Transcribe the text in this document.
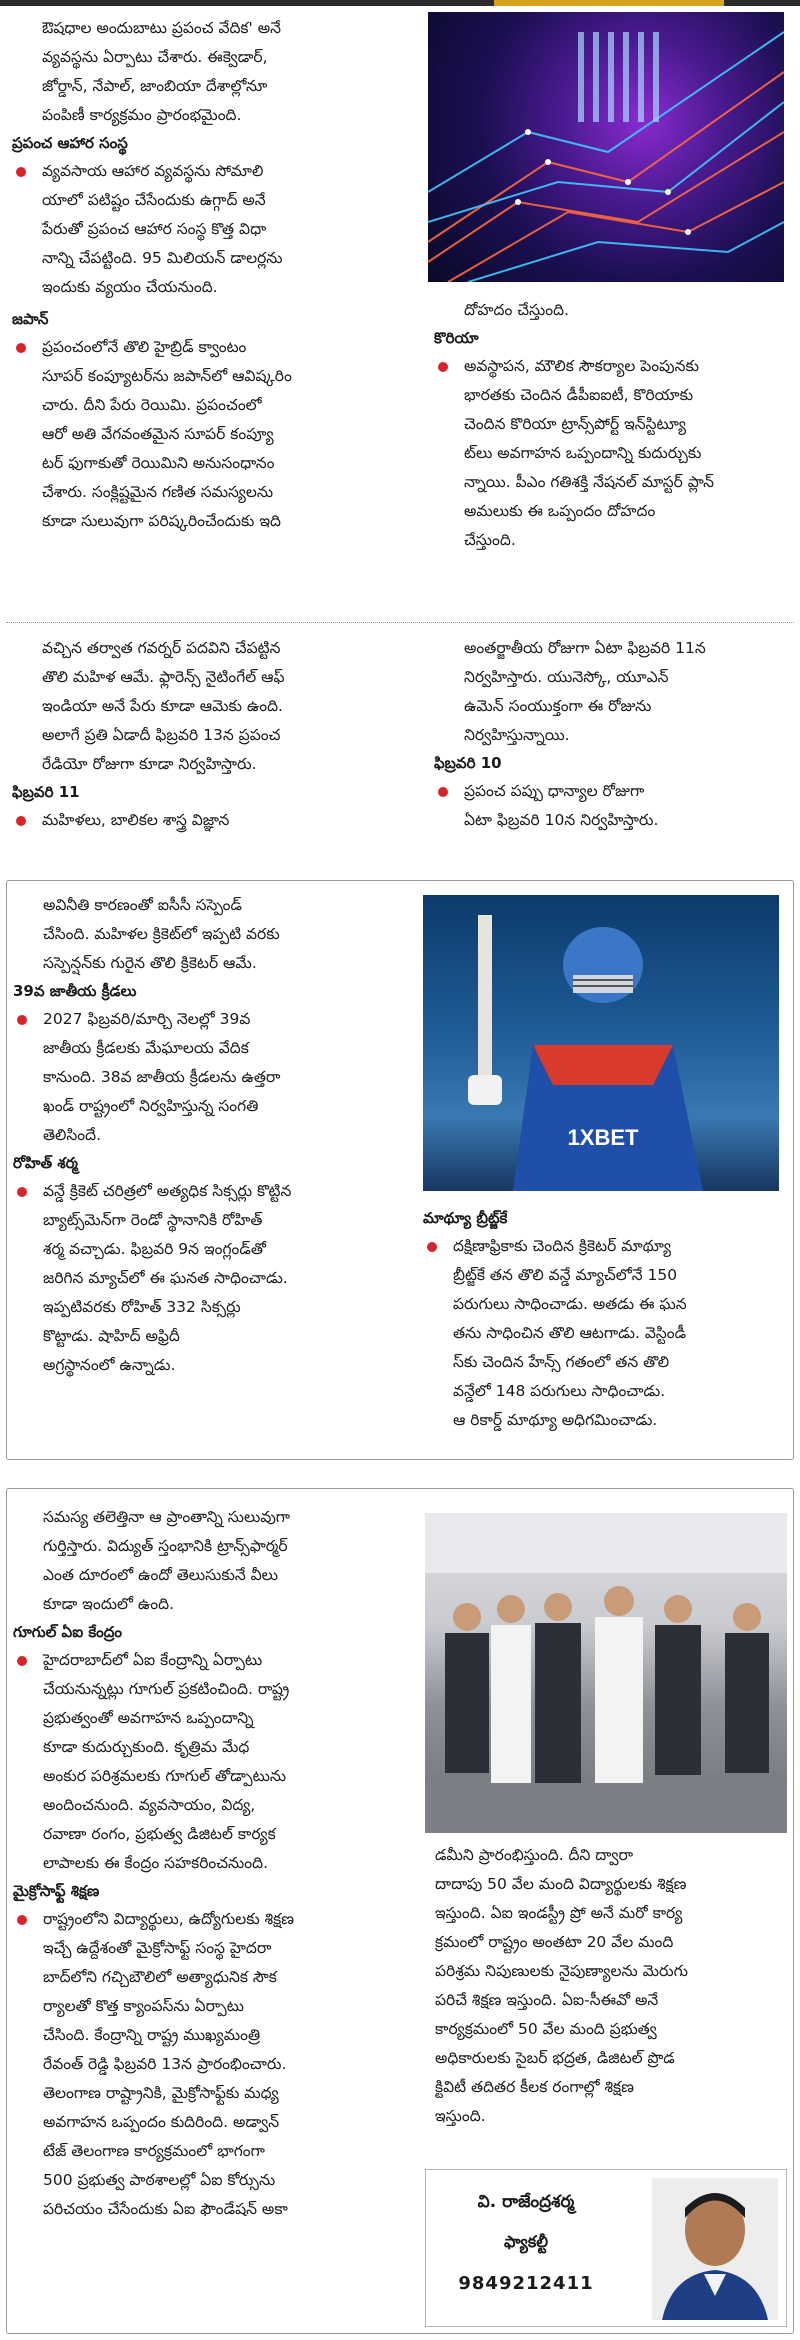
ఔషధాల అందుబాటు ప్రపంచ వేదిక' అనే

వ్యవస్థను ఏర్పాటు చేశారు. ఈక్వెడార్,

జోర్డాన్, నేపాల్, జాంబియా దేశాల్లోనూ

పంపిణీ కార్యక్రమం ప్రారంభమైంది.

ప్రపంచ ఆహార సంస్థ

వ్యవసాయ ఆహార వ్యవస్థను సోమాలి

యాలో పటిష్టం చేసేందుకు ఉగ్గాద్ అనే

పేరుతో ప్రపంచ ఆహార సంస్థ కొత్త విధా

నాన్ని చేపట్టింది. 95 మిలియన్ డాలర్లను

ఇందుకు వ్యయం చేయనుంది.

జపాన్

ప్రపంచంలోనే తొలి హైబ్రిడ్ క్వాంటం

సూపర్ కంప్యూటర్‌ను జపాన్‌లో ఆవిష్కరిం

చారు. దీని పేరు రెయిమి. ప్రపంచంలో

ఆరో అతి వేగవంతమైన సూపర్ కంప్యూ

టర్ ఫుగాకుతో రెయిమిని అనుసంధానం

చేశారు. సంక్లిష్టమైన గణిత సమస్యలను

కూడా సులువుగా పరిష్కరించేందుకు ఇది

దోహదం చేస్తుంది.

కొరియా

అవస్థాపన, మౌలిక సౌకర్యాల పెంపునకు

భారతకు చెందిన డీపీఐఐటీ, కొరియాకు

చెందిన కొరియా ట్రాన్స్‌పోర్ట్ ఇన్‌స్టిట్యూ

ట్‌లు అవగాహన ఒప్పందాన్ని కుదుర్చుకు

న్నాయి. పీఎం గతిశక్తి నేషనల్ మాస్టర్ ప్లాన్

అమలుకు ఈ ఒప్పందం దోహదం

చేస్తుంది.

వచ్చిన తర్వాత గవర్నర్ పదవిని చేపట్టిన

తొలి మహిళ ఆమే. ఫ్లారెన్స్ నైటింగేల్ ఆఫ్

ఇండియా అనే పేరు కూడా ఆమెకు ఉంది.

అలాగే ప్రతి ఏడాదీ ఫిబ్రవరి 13న ప్రపంచ

రేడియో రోజుగా కూడా నిర్వహిస్తారు.

ఫిబ్రవరి 11

మహిళలు, బాలికల శాస్త్ర విజ్ఞాన

అంతర్జాతీయ రోజుగా ఏటా ఫిబ్రవరి 11న

నిర్వహిస్తారు. యునెస్కో, యూఎన్

ఉమెన్ సంయుక్తంగా ఈ రోజును

నిర్వహిస్తున్నాయి.

ఫిబ్రవరి 10

ప్రపంచ పప్పు ధాన్యాల రోజుగా

ఏటా ఫిబ్రవరి 10న నిర్వహిస్తారు.

అవినీతి కారణంతో ఐసీసీ సస్పెండ్

చేసింది. మహిళల క్రికెట్‌లో ఇప్పటి వరకు

సస్పెన్షన్‌కు గురైన తొలి క్రికెటర్ ఆమే.

39వ జాతీయ క్రీడలు

2027 ఫిబ్రవరి/మార్చి నెలల్లో 39వ

జాతీయ క్రీడలకు మేఘాలయ వేదిక

కానుంది. 38వ జాతీయ క్రీడలను ఉత్తరా

ఖండ్ రాష్ట్రంలో నిర్వహిస్తున్న సంగతి

తెలిసిందే.

రోహిత్ శర్మ

వన్డే క్రికెట్ చరిత్రలో అత్యధిక సిక్సర్లు కొట్టిన

బ్యాట్స్‌మెన్‌గా రెండో స్థానానికి రోహిత్

శర్మ వచ్చాడు. ఫిబ్రవరి 9న ఇంగ్లండ్‌తో

జరిగిన మ్యాచ్‌లో ఈ ఘనత సాధించాడు.

ఇప్పటివరకు రోహిత్ 332 సిక్సర్లు

కొట్టాడు. షాహిద్ అఫ్రిదీ

అగ్రస్థానంలో ఉన్నాడు.

1XBET

మాథ్యూ బ్రీట్జ్‌కే

దక్షిణాఫ్రికాకు చెందిన క్రికెటర్ మాథ్యూ

బ్రీట్జ్‌కే తన తొలి వన్డే మ్యాచ్‌లోనే 150

పరుగులు సాధించాడు. అతడు ఈ ఘన

తను సాధించిన తొలి ఆటగాడు. వెస్టిండీ

స్‌కు చెందిన హేన్స్ గతంలో తన తొలి

వన్డేలో 148 పరుగులు సాధించాడు.

ఆ రికార్డ్ మాథ్యూ అధిగమించాడు.

సమస్య తలెత్తినా ఆ ప్రాంతాన్ని సులువుగా

గుర్తిస్తారు. విద్యుత్ స్తంభానికి ట్రాన్స్‌ఫార్మర్

ఎంత దూరంలో ఉందో తెలుసుకునే వీలు

కూడా ఇందులో ఉంది.

గూగుల్ ఏఐ కేంద్రం

హైదరాబాద్‌లో ఏఐ కేంద్రాన్ని ఏర్పాటు

చేయనున్నట్లు గూగుల్ ప్రకటించింది. రాష్ట్ర

ప్రభుత్వంతో అవగాహన ఒప్పందాన్ని

కూడా కుదుర్చుకుంది. కృత్రిమ మేధ

అంకుర పరిశ్రమలకు గూగుల్ తోడ్పాటును

అందించనుంది. వ్యవసాయం, విద్య,

రవాణా రంగం, ప్రభుత్వ డిజిటల్ కార్యక

లాపాలకు ఈ కేంద్రం సహకరించనుంది.

మైక్రోసాఫ్ట్ శిక్షణ

రాష్ట్రంలోని విద్యార్థులు, ఉద్యోగులకు శిక్షణ

ఇచ్చే ఉద్దేశంతో మైక్రోసాఫ్ట్ సంస్థ హైదరా

బాద్‌లోని గచ్చిబౌలిలో అత్యాధునిక సౌక

ర్యాలతో కొత్త క్యాంపస్‌ను ఏర్పాటు

చేసింది. కేంద్రాన్ని రాష్ట్ర ముఖ్యమంత్రి

రేవంత్ రెడ్డి ఫిబ్రవరి 13న ప్రారంభించారు.

తెలంగాణ రాష్ట్రానికి, మైక్రోసాఫ్ట్‌కు మధ్య

అవగాహన ఒప్పందం కుదిరింది. అడ్వాన్

టేజ్ తెలంగాణ కార్యక్రమంలో భాగంగా

500 ప్రభుత్వ పాఠశాలల్లో ఏఐ కోర్సును

పరిచయం చేసేందుకు ఏఐ ఫౌండేషన్ అకా

డమీని ప్రారంభిస్తుంది. దీని ద్వారా

దాదాపు 50 వేల మంది విద్యార్థులకు శిక్షణ

ఇస్తుంది. ఏఐ ఇండస్ట్రీ ప్రో అనే మరో కార్య

క్రమంలో రాష్ట్రం అంతటా 20 వేల మంది

పరిశ్రమ నిపుణులకు నైపుణ్యాలను మెరుగు

పరిచే శిక్షణ ఇస్తుంది. ఏఐ-సీఈవో అనే

కార్యక్రమంలో 50 వేల మంది ప్రభుత్వ

అధికారులకు సైబర్ భద్రత, డిజిటల్ ప్రొడ

క్టివిటీ తదితర కీలక రంగాల్లో శిక్షణ

ఇస్తుంది.

వి. రాజేంద్రశర్మ
ఫ్యాకల్టీ
9849212411
